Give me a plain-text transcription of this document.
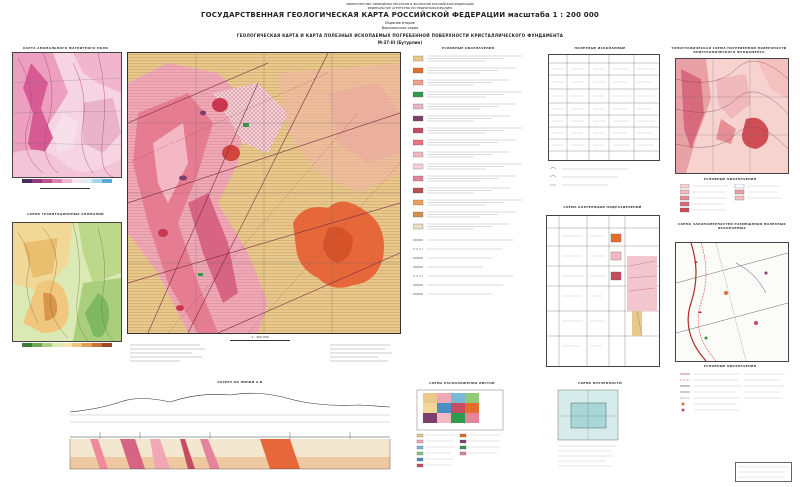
МИНИСТЕРСТВО ПРИРОДНЫХ РЕСУРСОВ И ЭКОЛОГИИ РОССИЙСКОЙ ФЕДЕРАЦИИ
ФЕДЕРАЛЬНОЕ АГЕНТСТВО ПО НЕДРОПОЛЬЗОВАНИЮ
ГОСУДАРСТВЕННАЯ ГЕОЛОГИЧЕСКАЯ КАРТА РОССИЙСКОЙ ФЕДЕРАЦИИ масштаба 1 : 200 000
Издание второе
Воронежская серия
ГЕОЛОГИЧЕСКАЯ КАРТА И КАРТА ПОЛЕЗНЫХ ИСКОПАЕМЫХ ПОГРЕБЕННОЙ ПОВЕРХНОСТИ КРИСТАЛЛИЧЕСКОГО ФУНДАМЕНТА
М-37-III (Бутурлин)
КАРТА АНОМАЛЬНОГО МАГНИТНОГО ПОЛЯ
СХЕМА ГРАВИТАЦИОННЫХ АНОМАЛИЙ
1 : 200 000
УСЛОВНЫЕ ОБОЗНАЧЕНИЯ	ПОЛЕЗНЫЕ ИСКОПАЕМЫЕ
СХЕМА КОРРЕЛЯЦИИ ПОДРАЗДЕЛЕНИЙ
ТОПОГРАФИЧЕСКАЯ СХЕМА ПОГРЕБЕННОЙ ПОВЕРХНОСТИ КРИСТАЛЛИЧЕСКОГО ФУНДАМЕНТА
УСЛОВНЫЕ ОБОЗНАЧЕНИЯ
СХЕМА ЗАКОНОМЕРНОСТЕЙ РАЗМЕЩЕНИЯ ПОЛЕЗНЫХ ИСКОПАЕМЫХ
УСЛОВНЫЕ ОБОЗНАЧЕНИЯ
РАЗРЕЗ ПО ЛИНИИ А-Б	СХЕМА РАСПОЛОЖЕНИЯ ЛИСТОВ	СХЕМА ИЗУЧЕННОСТИ
